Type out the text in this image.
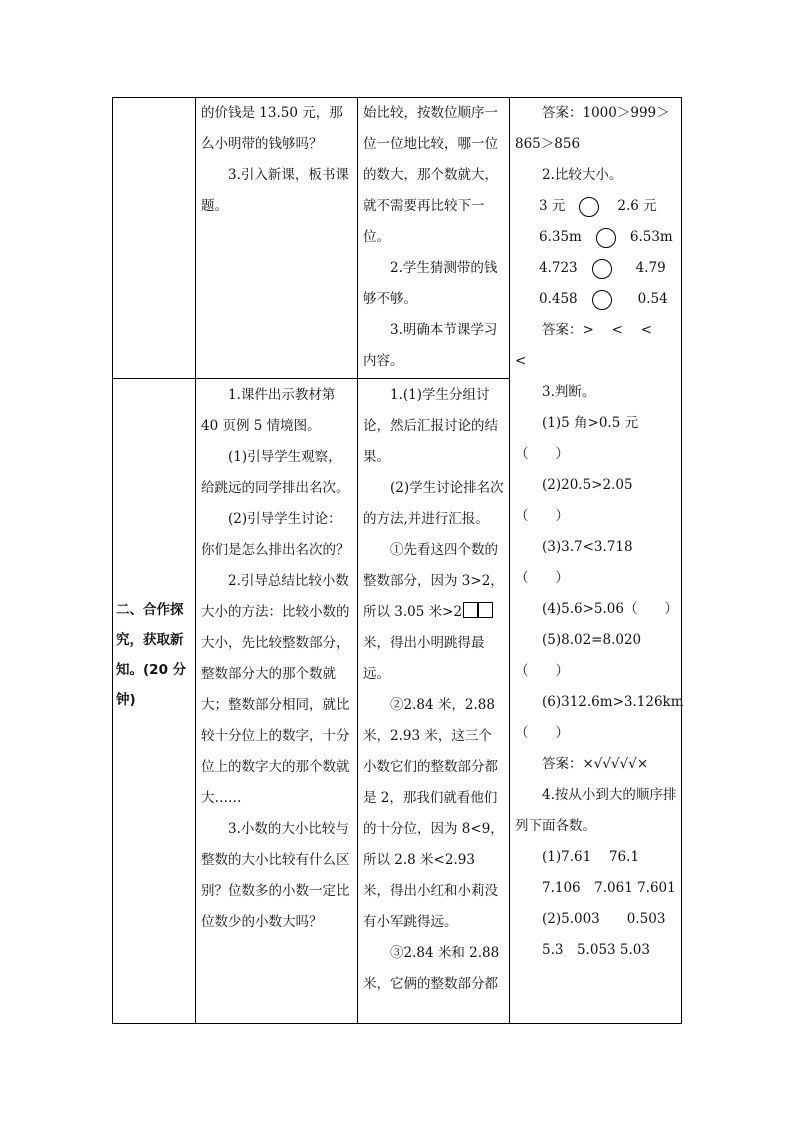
的价钱是 13.50 元，那么小明带的钱够吗？

3.引入新课，板书课题。

始比较，按数位顺序一位一位地比较，哪一位的数大，那个数就大，就不需要再比较下一位。

2.学生猜测带的钱够不够。

3.明确本节课学习内容。

二、合作探究，获取新知。(20 分钟)

1.课件出示教材第 40 页例 5 情境图。

(1)引导学生观察，给跳远的同学排出名次。

(2)引导学生讨论：你们是怎么排出名次的？

2.引导总结比较小数大小的方法：比较小数的大小，先比较整数部分，整数部分大的那个数就大；整数部分相同，就比较十分位上的数字，十分位上的数字大的那个数就大……

3.小数的大小比较与整数的大小比较有什么区别？位数多的小数一定比位数少的小数大吗？

1.(1)学生分组讨论，然后汇报讨论的结果。

(2)学生讨论排名次的方法,并进行汇报。

①先看这四个数的整数部分，因为 3>2，所以 3.05 米>2米，得出小明跳得最远。

②2.84 米，2.88 米，2.93 米，这三个小数它们的整数部分都是 2，那我们就看他们的十分位，因为 8<9，所以 2.8 米<2.93 米，得出小红和小莉没有小军跳得远。

③2.84 米和 2.88 米，它俩的整数部分都

答案：1000＞999＞865＞856

2.比较大小。

3 元	2.6 元
6.35m	6.53m
4.723	4.79
0.458	0.54

答案：>　 <　 <　 <

3.判断。

(1)5 角>0.5 元

（　　）

(2)20.5>2.05

（　　）

(3)3.7<3.718

（　　）

(4)5.6>5.06（　　）

(5)8.02=8.020

（　　）

(6)312.6m>3.126km

（　　）

答案：×√√√√√×

4.按从小到大的顺序排列下面各数。

(1)7.61　 76.1

7.106　7.061 7.601

(2)5.003　　0.503

5.3　5.053 5.03
